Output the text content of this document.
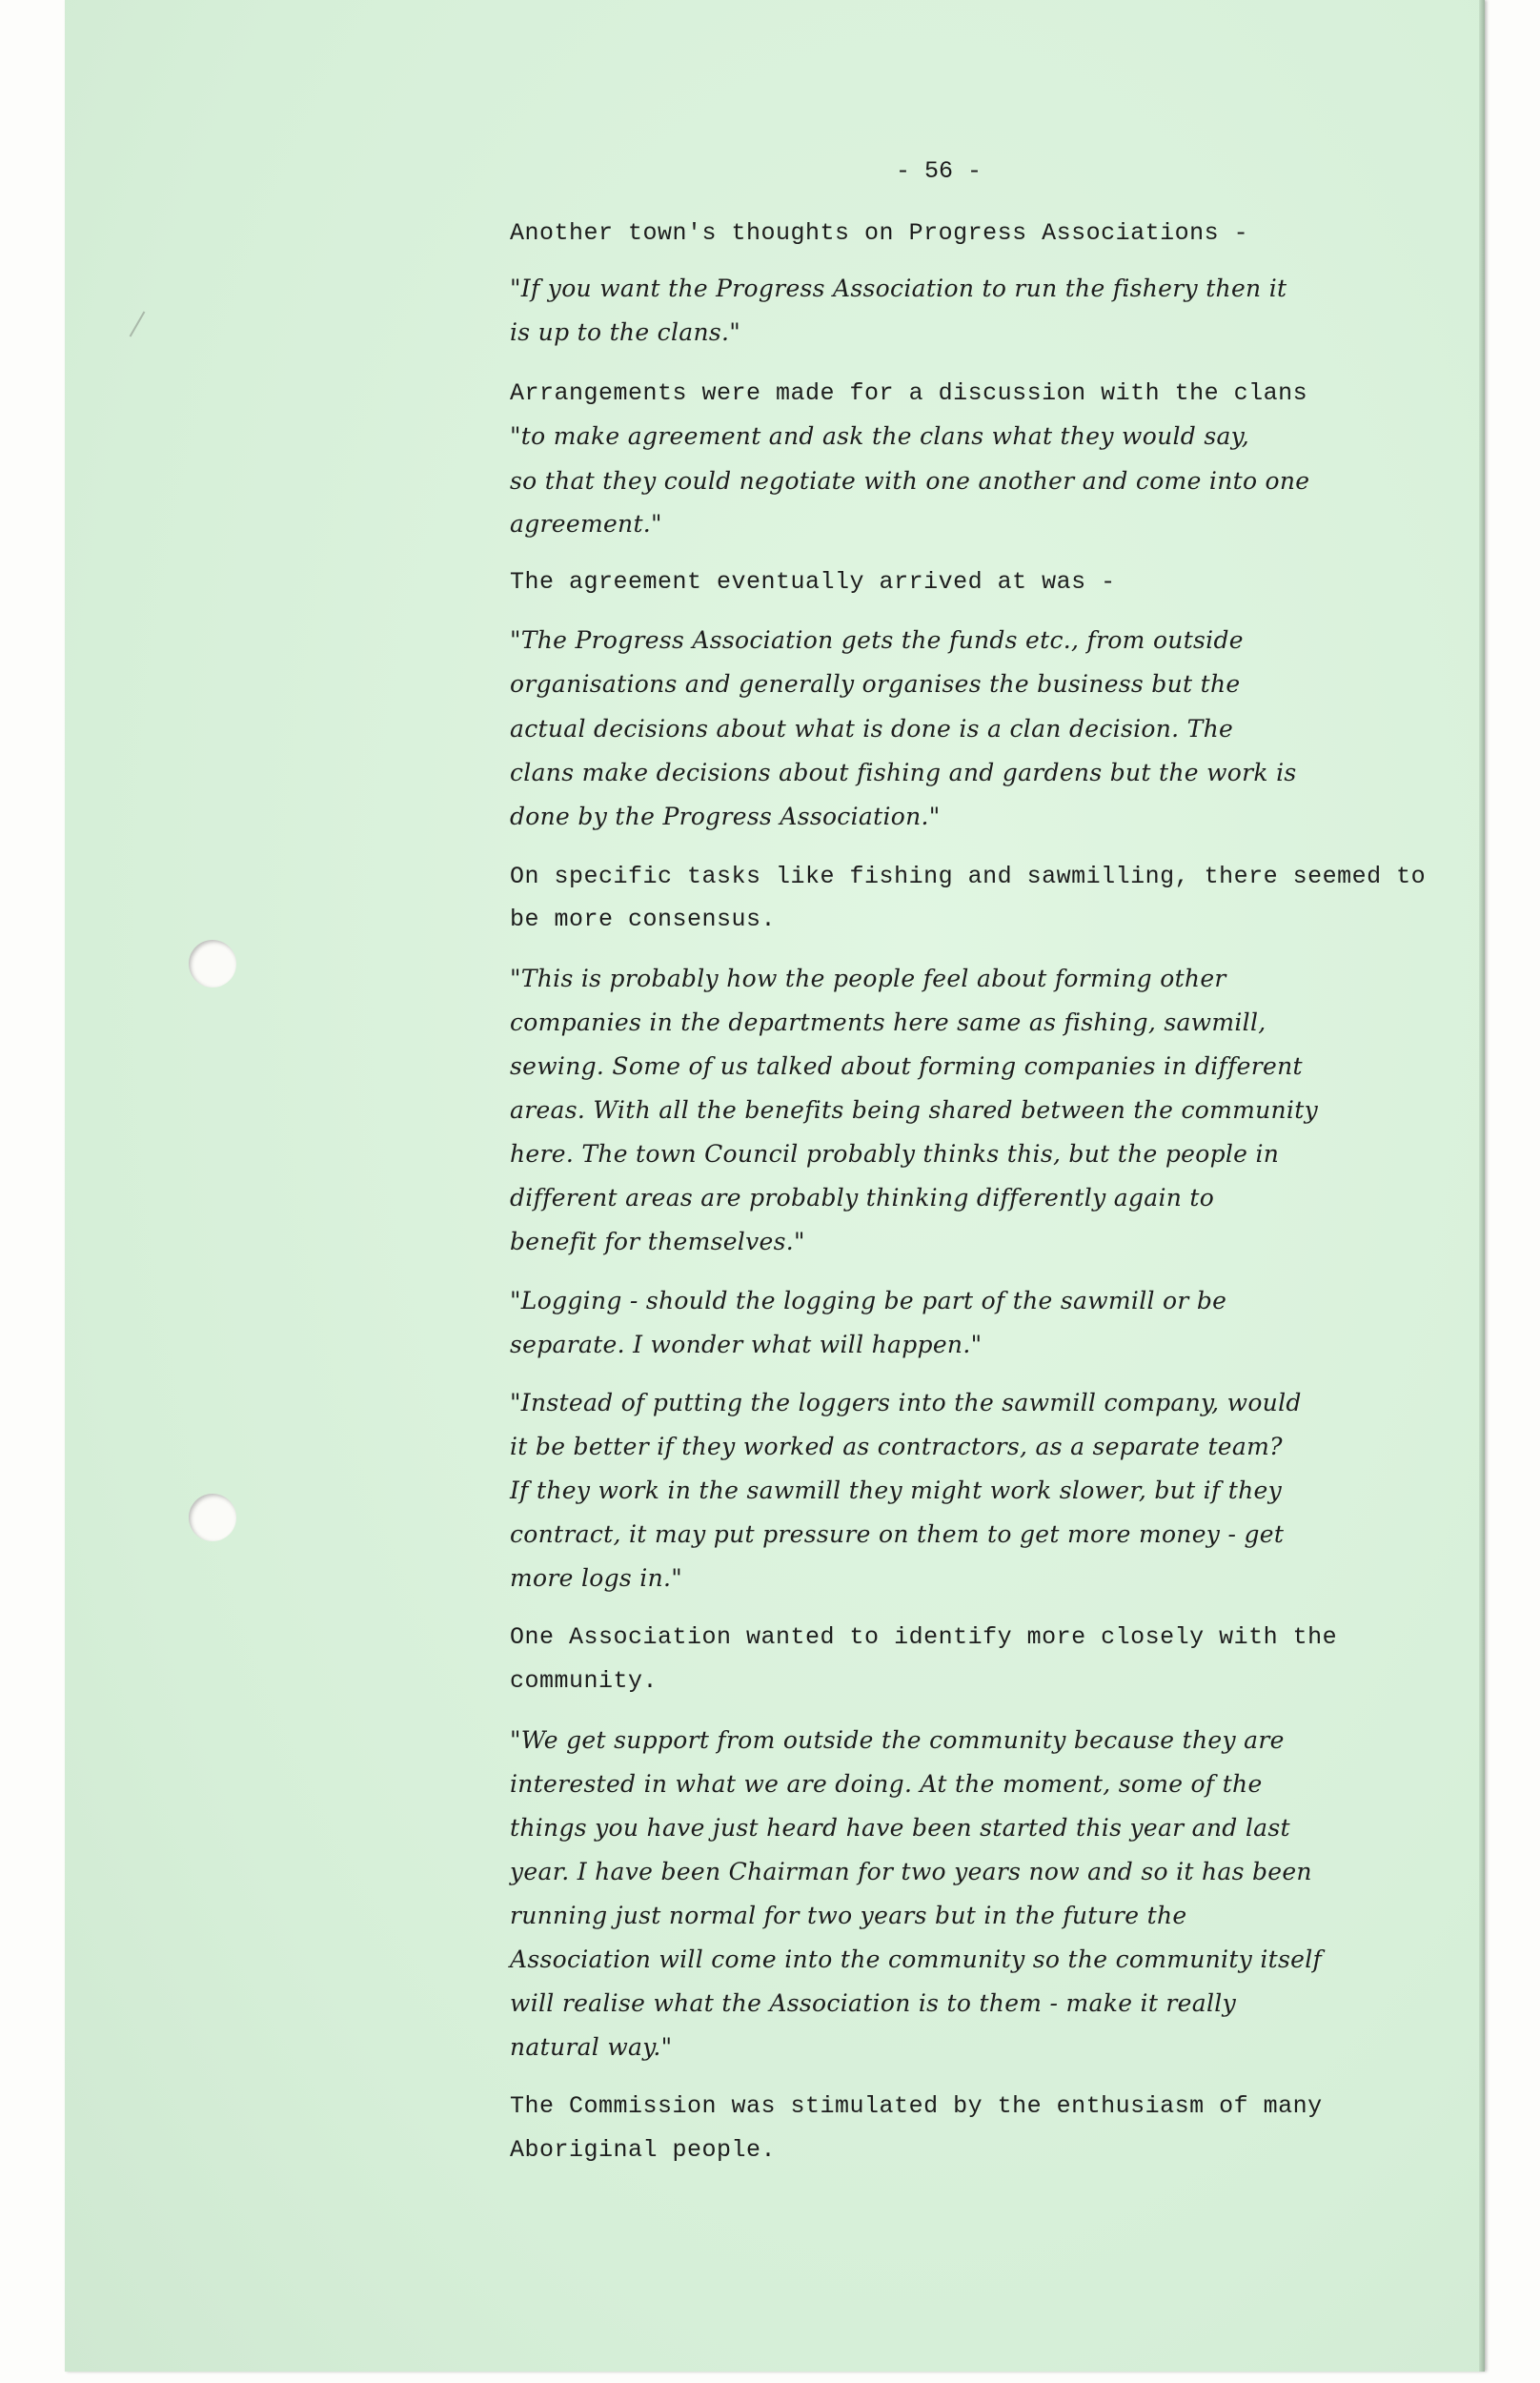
- 56 -
Another town's thoughts on Progress Associations -
"If you want the Progress Association to run the fishery then it
is up to the clans."
Arrangements were made for a discussion with the clans
"to make agreement and ask the clans what they would say,
so that they could negotiate with one another and come into one
agreement."
The agreement eventually arrived at was -
"The Progress Association gets the funds etc., from outside
organisations and generally organises the business but the
actual decisions about what is done is a clan decision. The
clans make decisions about fishing and gardens but the work is
done by the Progress Association."
On specific tasks like fishing and sawmilling, there seemed to
be more consensus.
"This is probably how the people feel about forming other
companies in the departments here same as fishing, sawmill,
sewing. Some of us talked about forming companies in different
areas. With all the benefits being shared between the community
here. The town Council probably thinks this, but the people in
different areas are probably thinking differently again to
benefit for themselves."
"Logging - should the logging be part of the sawmill or be
separate. I wonder what will happen."
"Instead of putting the loggers into the sawmill company, would
it be better if they worked as contractors, as a separate team?
If they work in the sawmill they might work slower, but if they
contract, it may put pressure on them to get more money - get
more logs in."
One Association wanted to identify more closely with the
community.
"We get support from outside the community because they are
interested in what we are doing. At the moment, some of the
things you have just heard have been started this year and last
year. I have been Chairman for two years now and so it has been
running just normal for two years but in the future the
Association will come into the community so the community itself
will realise what the Association is to them - make it really
natural way."
The Commission was stimulated by the enthusiasm of many
Aboriginal people.
